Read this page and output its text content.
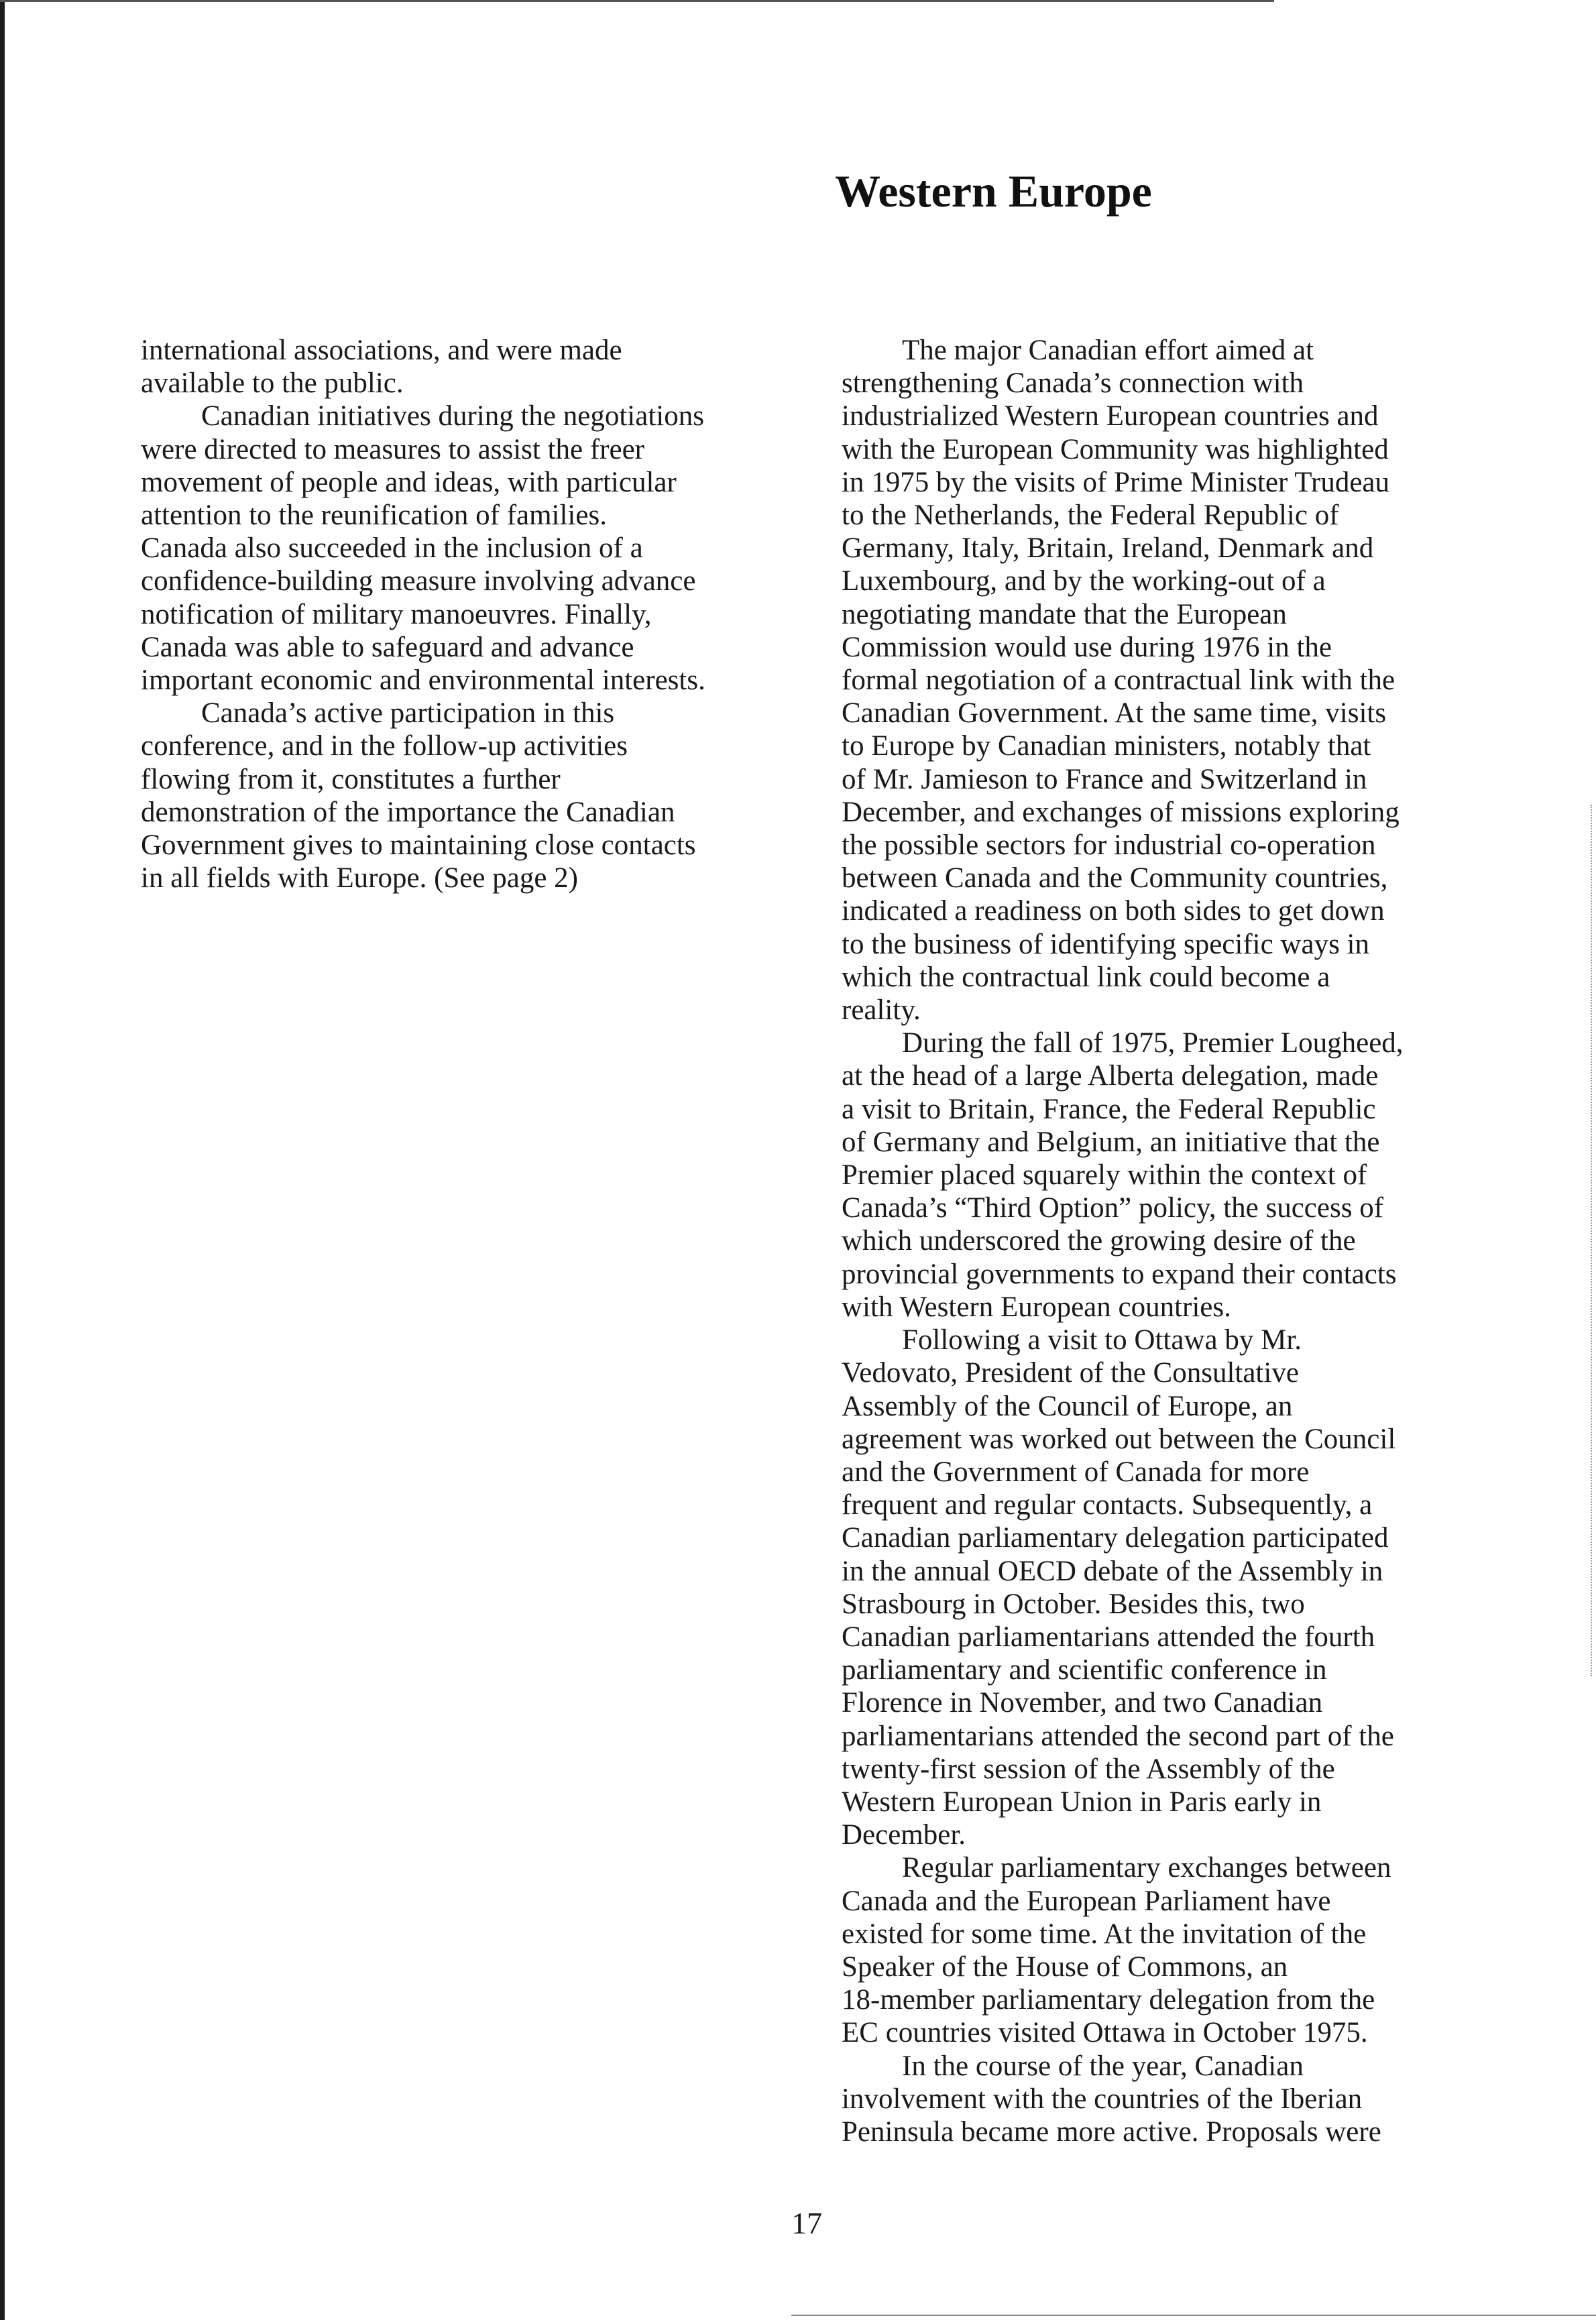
Western Europe

international associations, and were made
available to the public.

Canadian initiatives during the negotiations
were directed to measures to assist the freer
movement of people and ideas, with particular
attention to the reunification of families.
Canada also succeeded in the inclusion of a
confidence-building measure involving advance
notification of military manoeuvres. Finally,
Canada was able to safeguard and advance
important economic and environmental interests.

Canada’s active participation in this
conference, and in the follow-up activities
flowing from it, constitutes a further
demonstration of the importance the Canadian
Government gives to maintaining close contacts
in all fields with Europe. (See page 2)

The major Canadian effort aimed at
strengthening Canada’s connection with
industrialized Western European countries and
with the European Community was highlighted
in 1975 by the visits of Prime Minister Trudeau
to the Netherlands, the Federal Republic of
Germany, Italy, Britain, Ireland, Denmark and
Luxembourg, and by the working-out of a
negotiating mandate that the European
Commission would use during 1976 in the
formal negotiation of a contractual link with the
Canadian Government. At the same time, visits
to Europe by Canadian ministers, notably that
of Mr. Jamieson to France and Switzerland in
December, and exchanges of missions exploring
the possible sectors for industrial co-operation
between Canada and the Community countries,
indicated a readiness on both sides to get down
to the business of identifying specific ways in
which the contractual link could become a
reality.

During the fall of 1975, Premier Lougheed,
at the head of a large Alberta delegation, made
a visit to Britain, France, the Federal Republic
of Germany and Belgium, an initiative that the
Premier placed squarely within the context of
Canada’s “Third Option” policy, the success of
which underscored the growing desire of the
provincial governments to expand their contacts
with Western European countries.

Following a visit to Ottawa by Mr.
Vedovato, President of the Consultative
Assembly of the Council of Europe, an
agreement was worked out between the Council
and the Government of Canada for more
frequent and regular contacts. Subsequently, a
Canadian parliamentary delegation participated
in the annual OECD debate of the Assembly in
Strasbourg in October. Besides this, two
Canadian parliamentarians attended the fourth
parliamentary and scientific conference in
Florence in November, and two Canadian
parliamentarians attended the second part of the
twenty-first session of the Assembly of the
Western European Union in Paris early in
December.

Regular parliamentary exchanges between
Canada and the European Parliament have
existed for some time. At the invitation of the
Speaker of the House of Commons, an
18-member parliamentary delegation from the
EC countries visited Ottawa in October 1975.

In the course of the year, Canadian
involvement with the countries of the Iberian
Peninsula became more active. Proposals were

17
